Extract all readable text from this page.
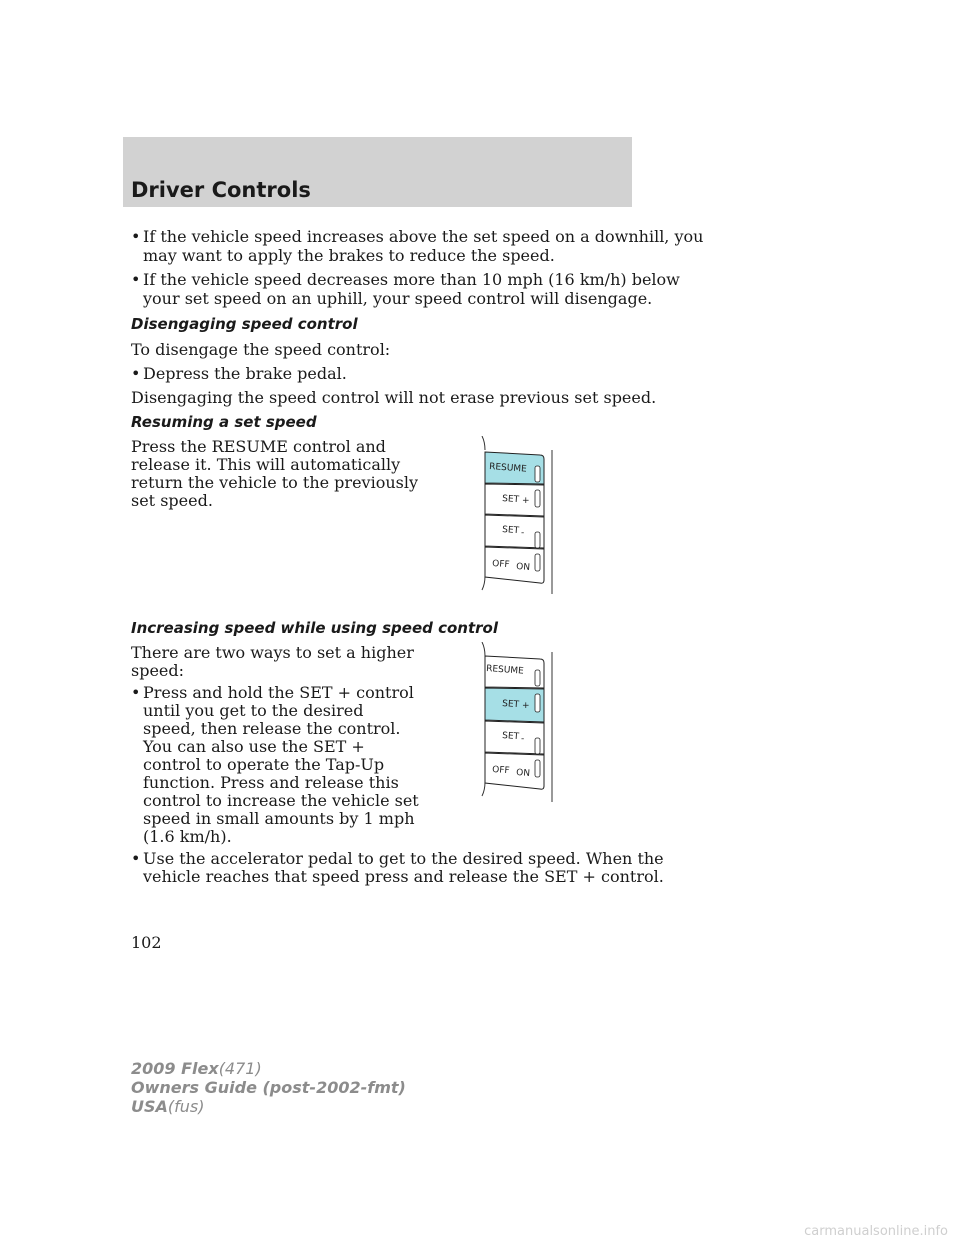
Driver Controls
• If the vehicle speed increases above the set speed on a downhill, you
may want to apply the brakes to reduce the speed.
• If the vehicle speed decreases more than 10 mph (16 km/h) below
your set speed on an uphill, your speed control will disengage.
Disengaging speed control
To disengage the speed control:
• Depress the brake pedal.
Disengaging the speed control will not erase previous set speed.
Resuming a set speed
Press the RESUME control and
release it. This will automatically
return the vehicle to the previously
set speed.
RESUME
SET +
SET -
OFF ON
Increasing speed while using speed control
There are two ways to set a higher
speed:
• Press and hold the SET + control
until you get to the desired
speed, then release the control.
You can also use the SET +
control to operate the Tap-Up
function. Press and release this
control to increase the vehicle set
speed in small amounts by 1 mph
(1.6 km/h).
• Use the accelerator pedal to get to the desired speed. When the
vehicle reaches that speed press and release the SET + control.
RESUME
SET +
SET -
OFF ON
102
2009 Flex(471)
Owners Guide (post-2002-fmt)
USA(fus)
carmanualsonline.info
